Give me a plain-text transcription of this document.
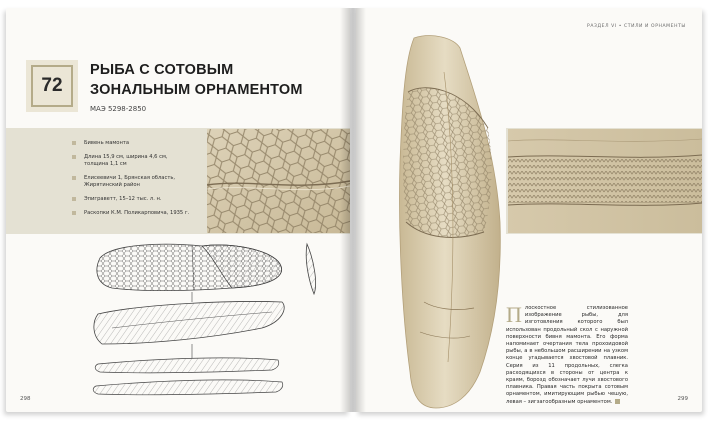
72
РЫБА С СОТОВЫМ
ЗОНАЛЬНЫМ ОРНАМЕНТОМ
МАЭ 5298-2850
Бивень мамонта
Длина 15,9 см, ширина 4,6 см,
толщина 1,1 см
Елисеевичи 1, Брянская область,
Жирятинский район
Эпиграветт, 15–12 тыс. л. н.
Раскопки К.М. Поликарповича, 1935 г.
298
РАЗДЕЛ VI • СТИЛИ И ОРНАМЕНТЫ
Плоскостное стилизованное изображение рыбы, для изготовления которого был использован продольный скол с наружной поверхности бивня мамонта. Его форма напоминает очертания тела прохоидовой рыбы, а в небольшом расширении на узком конце угадывается хвостовой плавник. Серия из 11 продольных, слегка расходящихся в стороны от центра к краям, борозд обозначает лучи хвостового плавника. Правая часть покрыта сотовым орнаментом, имитирующим рыбью чешую, левая – зигзагообразным орнаментом.	299
